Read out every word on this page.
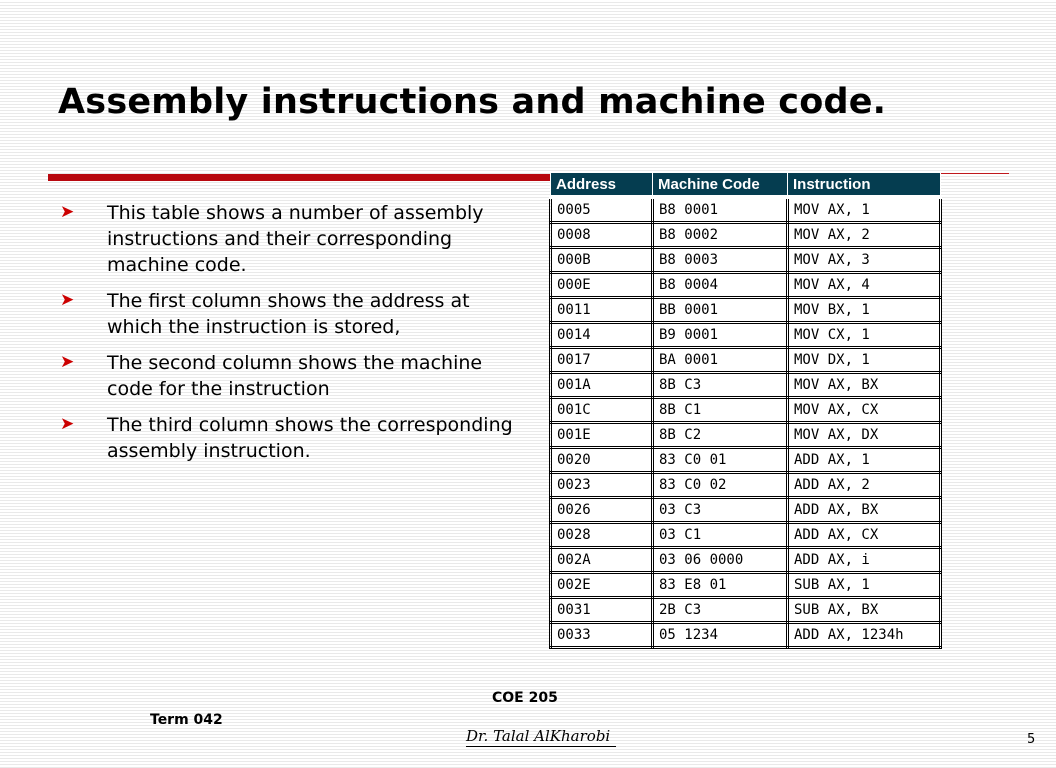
Assembly instructions and machine code.
➤ This table shows a number of assembly instructions and their corresponding machine code.
➤ The first column shows the address at which the instruction is stored,
➤ The second column shows the machine code for the instruction
➤ The third column shows the corresponding assembly instruction.
Address	Machine Code	Instruction
0005	B8 0001	MOV AX, 1
0008	B8 0002	MOV AX, 2
000B	B8 0003	MOV AX, 3
000E	B8 0004	MOV AX, 4
0011	BB 0001	MOV BX, 1
0014	B9 0001	MOV CX, 1
0017	BA 0001	MOV DX, 1
001A	8B C3	MOV AX, BX
001C	8B C1	MOV AX, CX
001E	8B C2	MOV AX, DX
0020	83 C0 01	ADD AX, 1
0023	83 C0 02	ADD AX, 2
0026	03 C3	ADD AX, BX
0028	03 C1	ADD AX, CX
002A	03 06 0000	ADD AX, i
002E	83 E8 01	SUB AX, 1
0031	2B C3	SUB AX, BX
0033	05 1234	ADD AX, 1234h
COE 205
Term 042
Dr. Talal AlKharobi	5
